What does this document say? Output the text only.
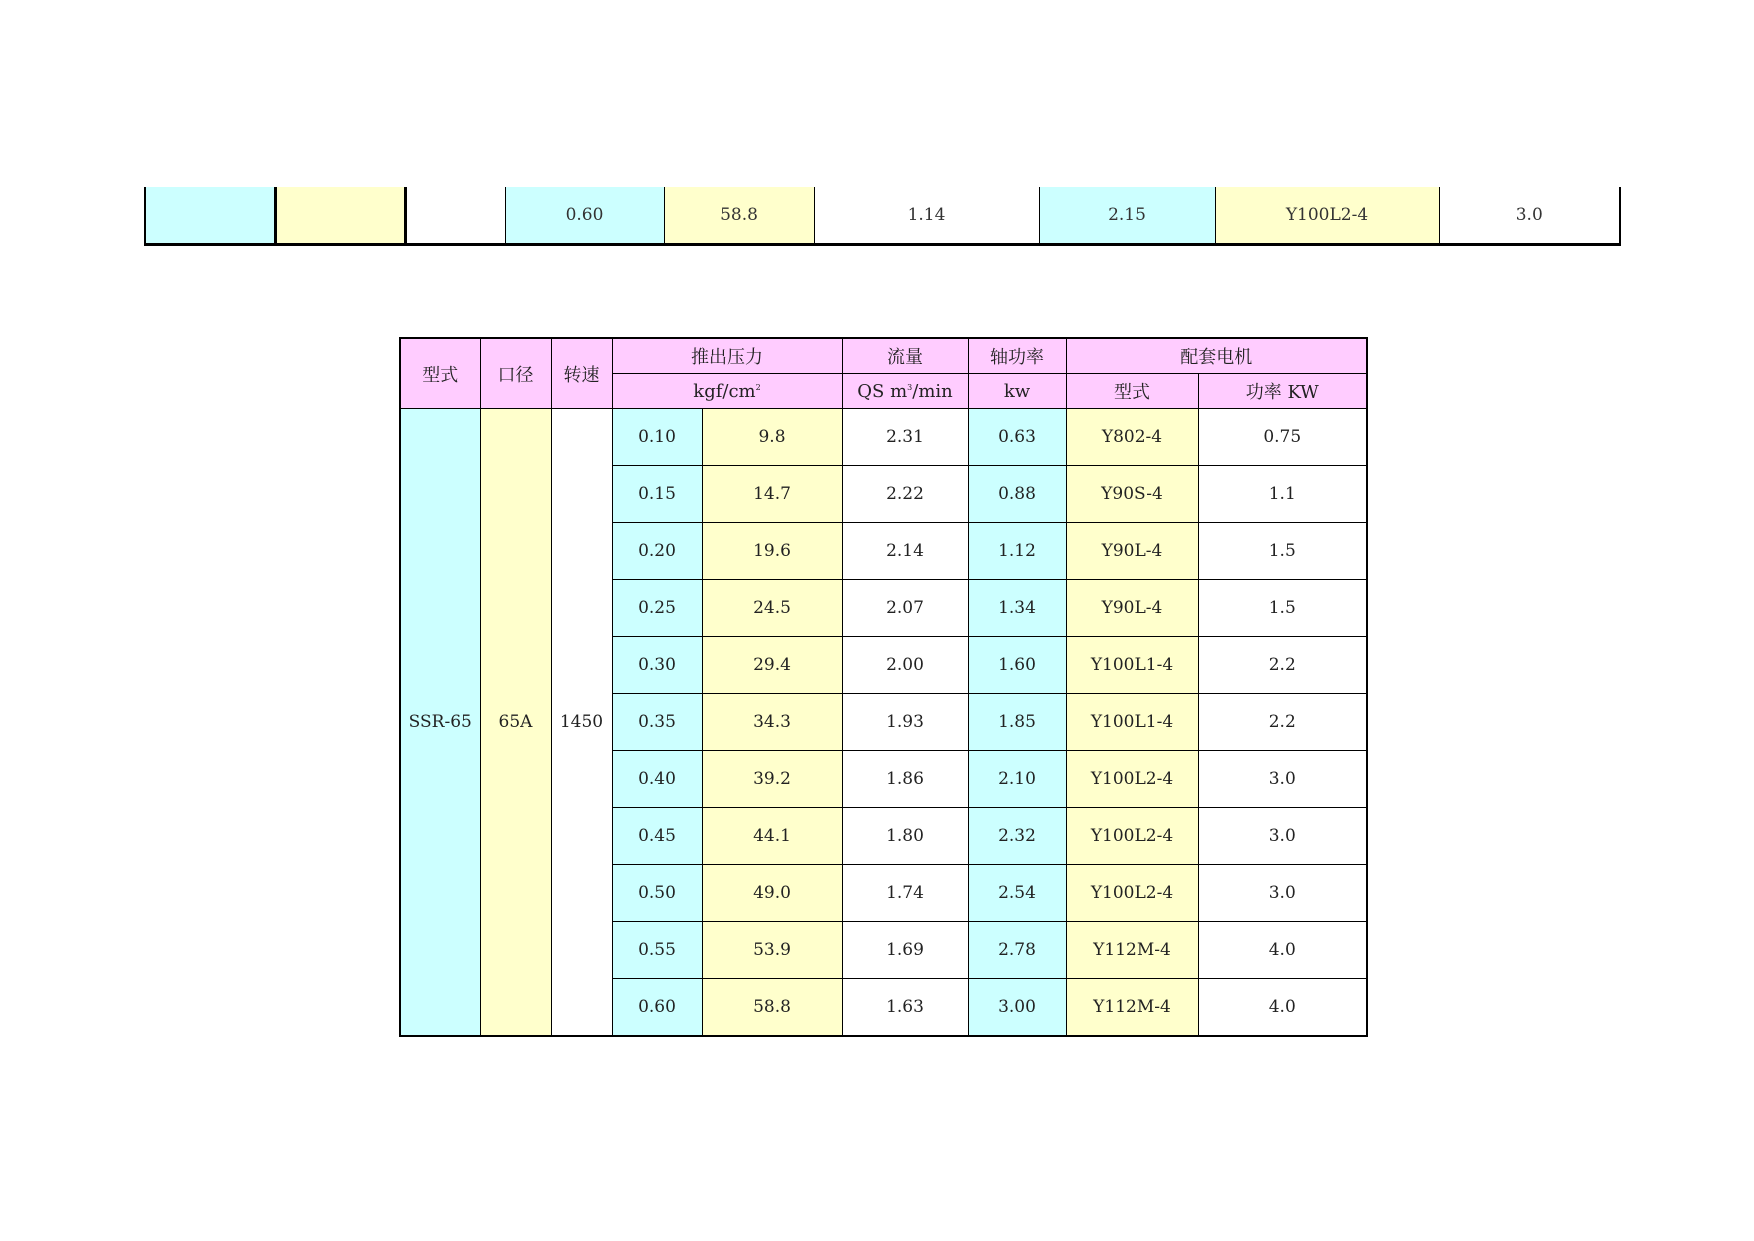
			0.60	58.8	1.14	2.15	Y100L2-4	3.0
型式	口径	转速	推出压力		流量	轴功率	配套电机	
			kgf/$cm^2$		QS $m^3/\min$	kw	型式	功率 KW
SSR-65	65A	1450	0.10	9.8	2.31	0.63	Y802-4	0.75
			0.15	14.7	2.22	0.88	Y90S-4	1.1
			0.20	19.6	2.14	1.12	Y90L-4	1.5
			0.25	24.5	2.07	1.34	Y90L-4	1.5
			0.30	29.4	2.00	1.60	Y100L1-4	2.2
			0.35	34.3	1.93	1.85	Y100L1-4	2.2
			0.40	39.2	1.86	2.10	Y100L2-4	3.0
			0.45	44.1	1.80	2.32	Y100L2-4	3.0
			0.50	49.0	1.74	2.54	Y100L2-4	3.0
			0.55	53.9	1.69	2.78	Y112M-4	4.0
			0.60	58.8	1.63	3.00	Y112M-4	4.0
